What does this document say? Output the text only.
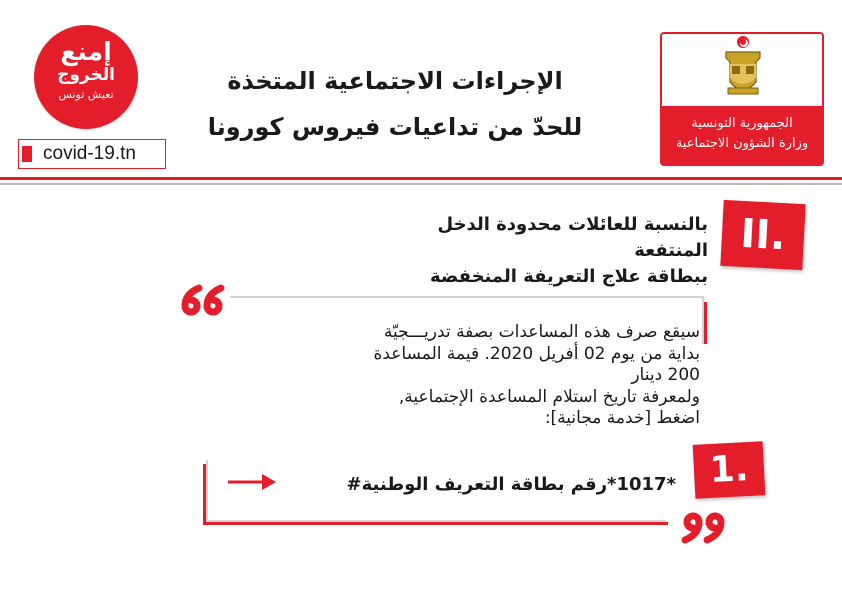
إمنع
الخروج
تعيش تونس
covid-19.tn
الإجراءات الاجتماعية المتخذة
للحدّ من تداعيات فيروس كورونا	الجمهورية التونسية
وزارة الشؤون الاجتماعية
بالنسبة للعائلات محدودة الدخل المنتفعة
ببطاقة علاج التعريفة المنخفضة
II.
سيقع صرف هذه المساعدات بصفة تدريـــجيّة
بداية من يوم 02 أفريل 2020. قيمة المساعدة
200 دينار
ولمعرفة تاريخ استلام المساعدة الإجتماعية,
اضغط [خدمة مجانية]:
1.
*1017*رقم بطاقة التعريف الوطنية#
